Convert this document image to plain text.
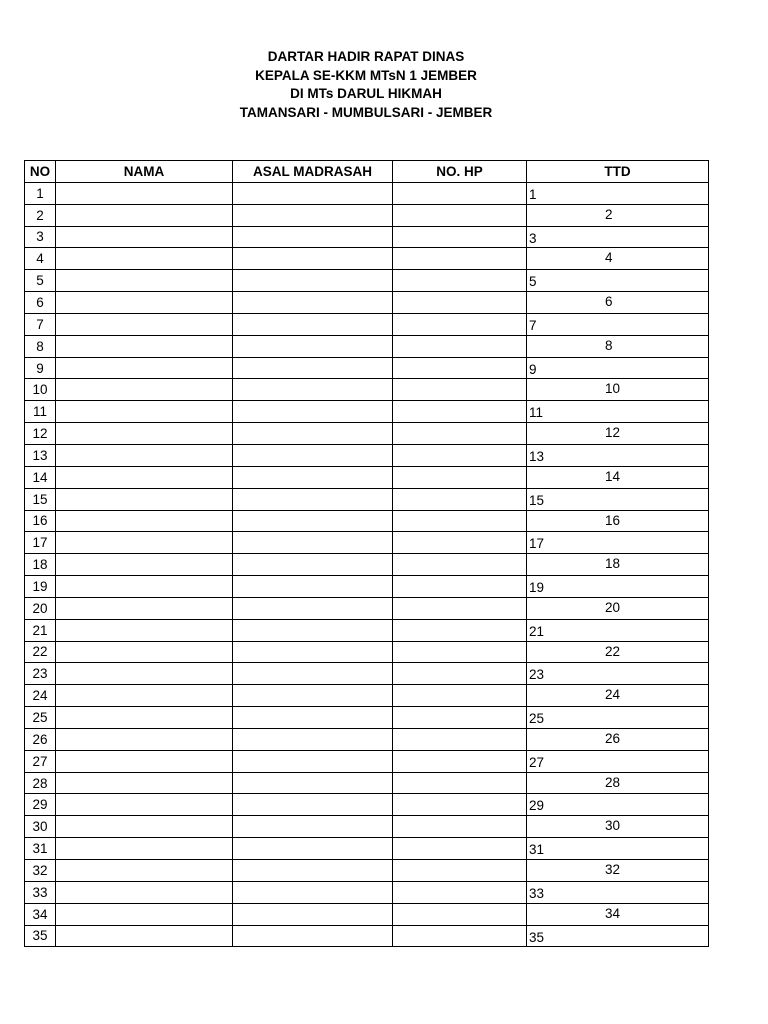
DARTAR HADIR RAPAT DINAS
KEPALA SE-KKM MTsN 1 JEMBER
DI MTs DARUL HIKMAH
TAMANSARI - MUMBULSARI - JEMBER
NO	NAMA	ASAL MADRASAH	NO. HP	TTD
1				1

2				2

3				3

4				4

5				5

6				6

7				7

8				8

9				9

10				10

11				11

12				12

13				13

14				14

15				15

16				16

17				17

18				18

19				19

20				20

21				21

22				22

23				23

24				24

25				25

26				26

27				27

28				28

29				29

30				30

31				31

32				32

33				33

34				34

35				35
